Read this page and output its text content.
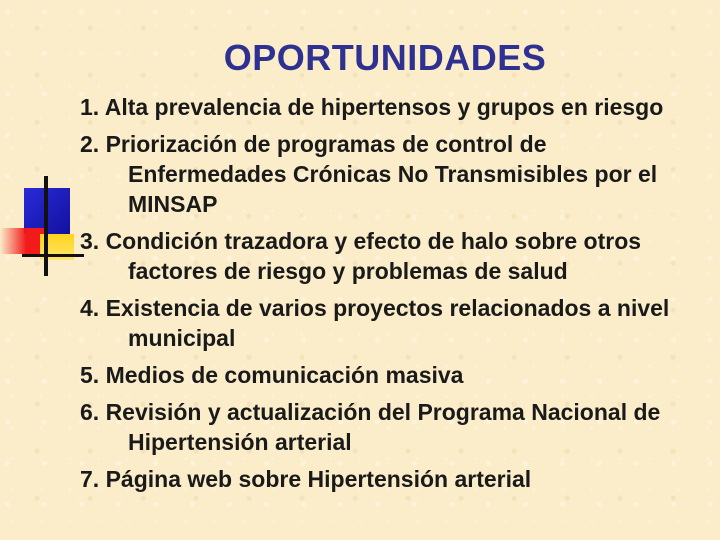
OPORTUNIDADES
1. Alta prevalencia de hipertensos y grupos en riesgo
2. Priorización de programas de control de Enfermedades Crónicas No Transmisibles por el MINSAP
3. Condición trazadora y efecto de halo sobre otros factores de riesgo y problemas de salud
4. Existencia de varios proyectos relacionados a nivel municipal
5. Medios de comunicación masiva
6. Revisión y actualización del Programa Nacional de Hipertensión arterial
7. Página web sobre Hipertensión arterial
